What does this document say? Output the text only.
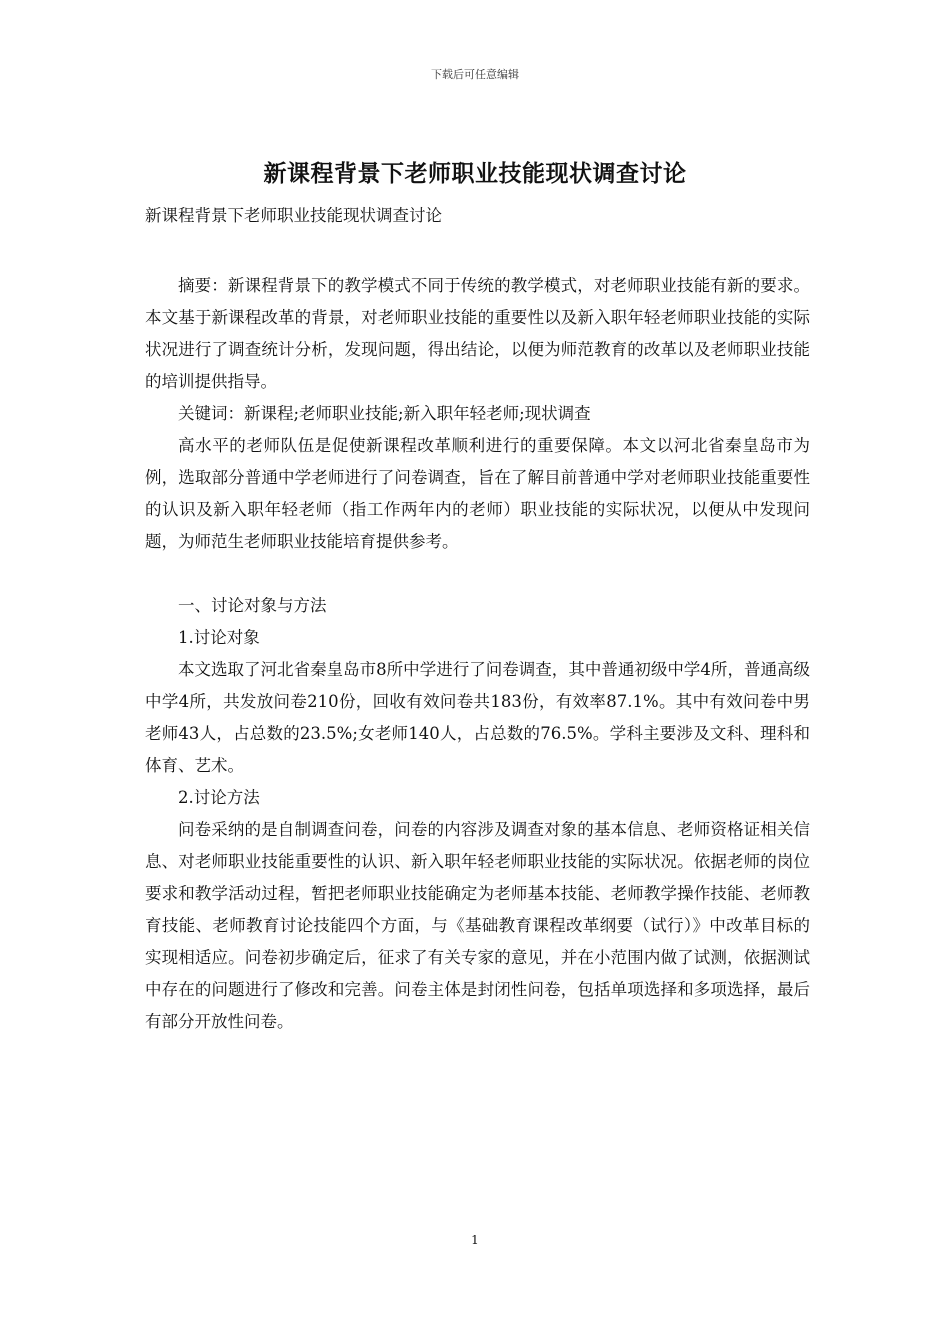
下载后可任意编辑
新课程背景下老师职业技能现状调查讨论
新课程背景下老师职业技能现状调查讨论

摘要：新课程背景下的教学模式不同于传统的教学模式，对老师职业技能有新的要求。本文基于新课程改革的背景，对老师职业技能的重要性以及新入职年轻老师职业技能的实际状况进行了调查统计分析，发现问题，得出结论，以便为师范教育的改革以及老师职业技能的培训提供指导。

关键词：新课程;老师职业技能;新入职年轻老师;现状调查

高水平的老师队伍是促使新课程改革顺利进行的重要保障。本文以河北省秦皇岛市为例，选取部分普通中学老师进行了问卷调查，旨在了解目前普通中学对老师职业技能重要性的认识及新入职年轻老师（指工作两年内的老师）职业技能的实际状况，以便从中发现问题，为师范生老师职业技能培育提供参考。

一、讨论对象与方法

1.讨论对象

本文选取了河北省秦皇岛市8所中学进行了问卷调查，其中普通初级中学4所，普通高级中学4所，共发放问卷210份，回收有效问卷共183份，有效率87.1%。其中有效问卷中男老师43人，占总数的23.5%;女老师140人，占总数的76.5%。学科主要涉及文科、理科和体育、艺术。

2.讨论方法

问卷采纳的是自制调查问卷，问卷的内容涉及调查对象的基本信息、老师资格证相关信息、对老师职业技能重要性的认识、新入职年轻老师职业技能的实际状况。依据老师的岗位要求和教学活动过程，暂把老师职业技能确定为老师基本技能、老师教学操作技能、老师教育技能、老师教育讨论技能四个方面，与《基础教育课程改革纲要（试行）》中改革目标的实现相适应。问卷初步确定后，征求了有关专家的意见，并在小范围内做了试测，依据测试中存在的问题进行了修改和完善。问卷主体是封闭性问卷，包括单项选择和多项选择，最后有部分开放性问卷。

1
